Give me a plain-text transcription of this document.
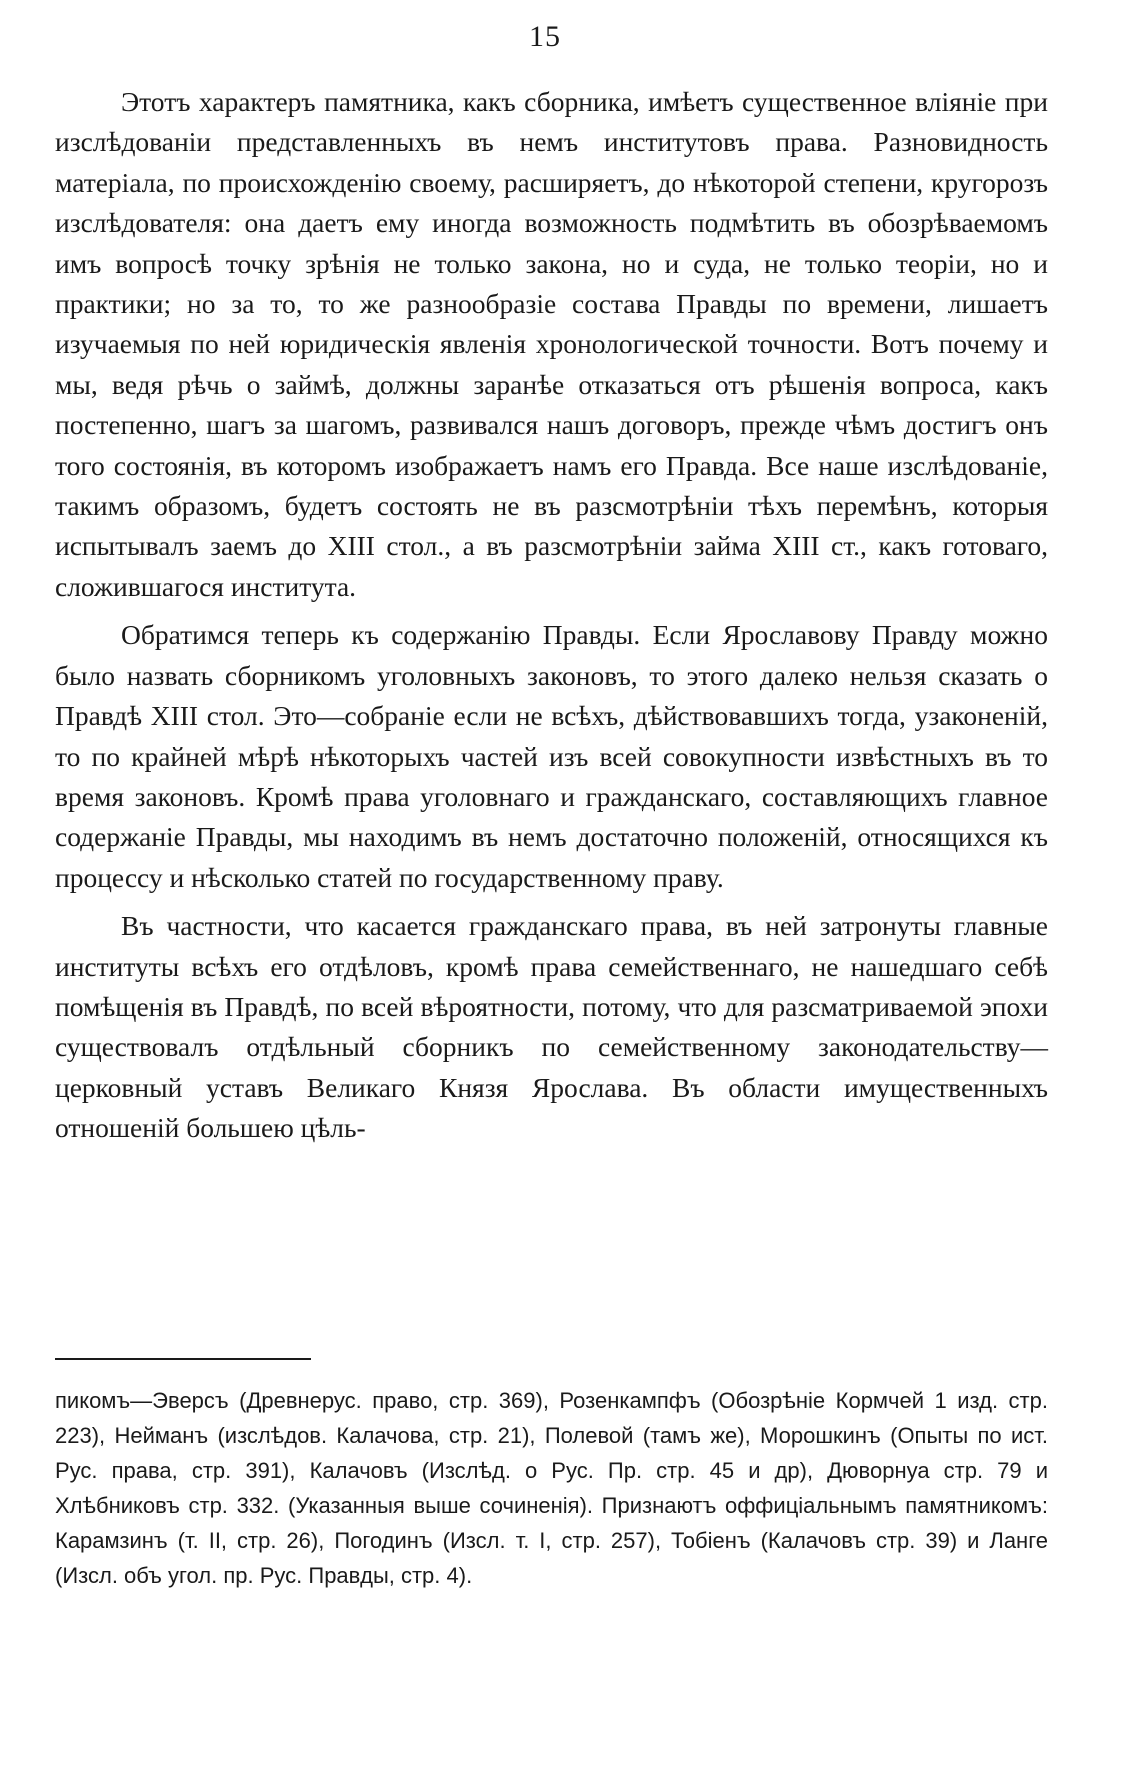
15

Этотъ характеръ памятника, какъ сборника, имѣетъ существенное вліяніе при изслѣдованіи представленныхъ въ немъ институтовъ права. Разновидность матеріала, по происхожденію своему, расширяетъ, до нѣкоторой степени, кругорозъ изслѣдователя: она даетъ ему иногда возможность подмѣтить въ обозрѣваемомъ имъ вопросѣ точку зрѣнія не только закона, но и суда, не только теоріи, но и практики; но за то, то же разнообразіе состава Правды по времени, лишаетъ изучаемыя по ней юридическія явленія хронологической точности. Вотъ почему и мы, ведя рѣчь о займѣ, должны заранѣе отказаться отъ рѣшенія вопроса, какъ постепенно, шагъ за шагомъ, развивался нашъ договоръ, прежде чѣмъ достигъ онъ того состоянія, въ которомъ изображаетъ намъ его Правда. Все наше изслѣдованіе, такимъ образомъ, будетъ состоять не въ разсмотрѣніи тѣхъ перемѣнъ, которыя испытывалъ заемъ до XIII стол., а въ разсмотрѣніи займа XIII ст., какъ готоваго, сложившагося института.

Обратимся теперь къ содержанію Правды. Если Ярославову Правду можно было назвать сборникомъ уголовныхъ законовъ, то этого далеко нельзя сказать о Правдѣ XIII стол. Это—собраніе если не всѣхъ, дѣйствовавшихъ тогда, узаконеній, то по крайней мѣрѣ нѣкоторыхъ частей изъ всей совокупности извѣстныхъ въ то время законовъ. Кромѣ права уголовнаго и гражданскаго, составляющихъ главное содержаніе Правды, мы находимъ въ немъ достаточно положеній, относящихся къ процессу и нѣсколько статей по государственному праву.

Въ частности, что касается гражданскаго права, въ ней затронуты главные институты всѣхъ его отдѣловъ, кромѣ права семейственнаго, не нашедшаго себѣ помѣщенія въ Правдѣ, по всей вѣроятности, потому, что для разсматриваемой эпохи существовалъ отдѣльный сборникъ по семейственному законодательству—церковный уставъ Великаго Князя Ярослава. Въ области имущественныхъ отношеній большею цѣль-

пикомъ—Эверсъ (Древнерус. право, стр. 369), Розенкампфъ (Обозрѣніе Кормчей 1 изд. стр. 223), Нейманъ (изслѣдов. Калачова, стр. 21), Полевой (тамъ же), Морошкинъ (Опыты по ист. Рус. права, стр. 391), Калачовъ (Изслѣд. о Рус. Пр. стр. 45 и др), Дюворнуа стр. 79 и Хлѣбниковъ стр. 332. (Указанныя выше сочиненія). Признаютъ оффиціальнымъ памятникомъ: Карамзинъ (т. II, стр. 26), Погодинъ (Изсл. т. I, стр. 257), Тобіенъ (Калачовъ стр. 39) и Ланге (Изсл. объ угол. пр. Рус. Правды, стр. 4).
